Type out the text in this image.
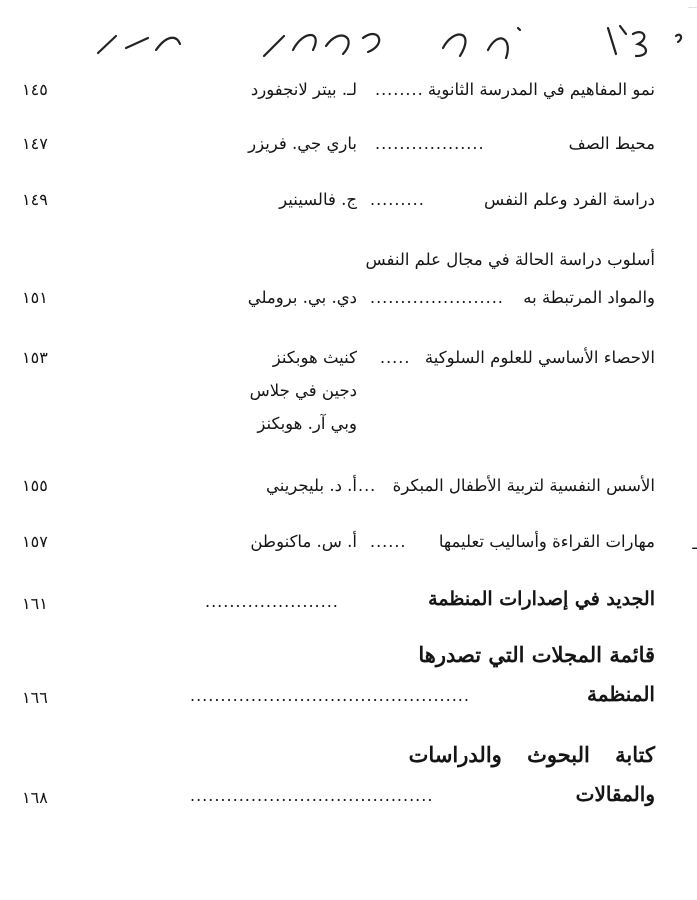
٣/٣ ٥ ٢٠ ٩ ١٩٨٩ ١٤
نمو المفاهيم في المدرسة الثانوية
........
لـ. بيتر لانجفورد
١٤٥
محيط الصف
..................
باري جي. فريزر
١٤٧
دراسة الفرد وعلم النفس
.........
ج. فالسينير
١٤٩
أسلوب دراسة الحالة في مجال علم النفس
والمواد المرتبطة به
......................
دي. بي. بروملي
١٥١
الاحصاء الأساسي للعلوم السلوكية
.....
كنيث هوبكنز
١٥٣
دجين في جلاس
وبي آر. هوبكنز
الأسس النفسية لتربية الأطفال المبكرة
...
أ. د. بليجريني
١٥٥
ـ
مهارات القراءة وأساليب تعليمها
......
أ. س. ماكنوطن
١٥٧
الجديد في إصدارات المنظمة
......................
١٦١
قائمة المجلات التي تصدرها
المنظمة
..............................................
١٦٦
كتابة البحوث والدراسات
والمقالات
........................................
١٦٨
